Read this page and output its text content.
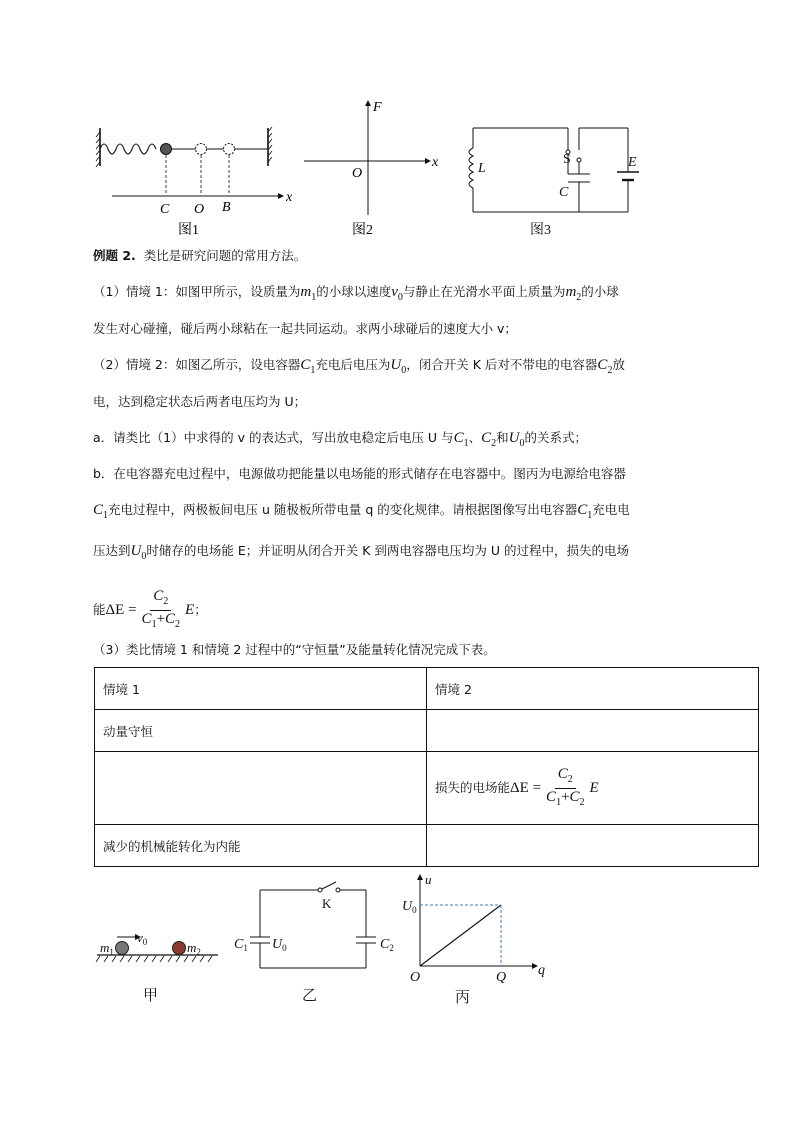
x
C O B
图1
F
x
O
图2
L
S
C
E
图3
例题 2. 类比是研究问题的常用方法。
（1）情境 1：如图甲所示，设质量为$m_1$的小球以速度$v_0$与静止在光滑水平面上质量为$m_2$的小球
发生对心碰撞，碰后两小球粘在一起共同运动。求两小球碰后的速度大小 v；
（2）情境 2：如图乙所示，设电容器$C_1$充电后电压为$U_0$，闭合开关 K 后对不带电的电容器$C_2$放
电，达到稳定状态后两者电压均为 U；
a．请类比（1）中求得的 v 的表达式，写出放电稳定后电压 U 与$C_1$、$C_2$和$U_0$的关系式；
b．在电容器充电过程中，电源做功把能量以电场能的形式储存在电容器中。图丙为电源给电容器
$C_1$充电过程中，两极板间电压 u 随极板所带电量 q 的变化规律。请根据图像写出电容器$C_1$充电电
压达到$U_0$时储存的电场能 E；并证明从闭合开关 K 到两电容器电压均为 U 的过程中，损失的电场
能$\Delta E = \frac{C_2}{C_1+C_2}$ E；
（3）类比情境 1 和情境 2 过程中的“守恒量”及能量转化情况完成下表。
情境 1	情境 2
动量守恒	
	损失的电场能$\Delta E = \frac{C_2}{C_1+C_2}$ E
减少的机械能转化为内能	
$v_0$
$m_1$	$m_2$
甲
K
$C_1$ $U_0$	$C_2$
乙
u
$U_0$
O	Q q
丙
